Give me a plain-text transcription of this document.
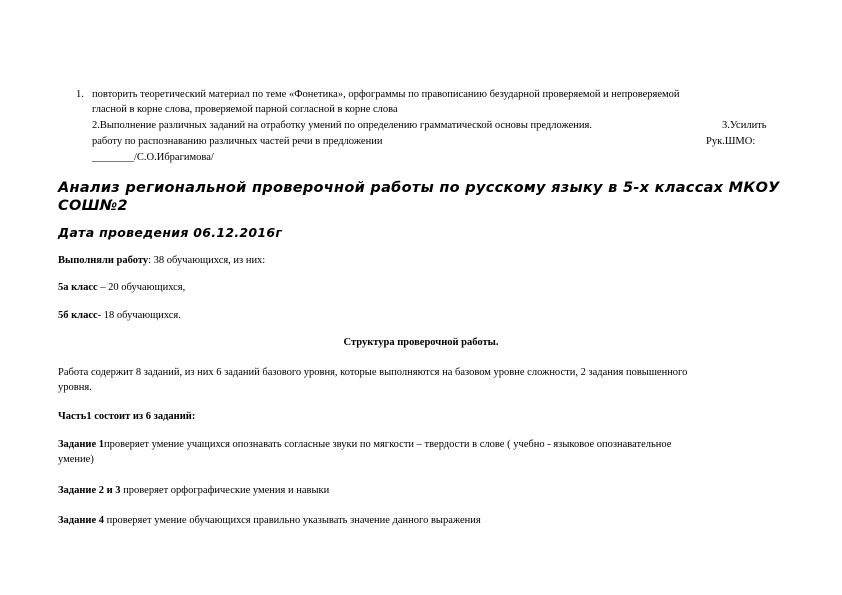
1. повторить теоретический материал по теме «Фонетика», орфограммы по правописанию безударной проверяемой и непроверяемой
гласной в корне слова, проверяемой парной согласной в корне слова
2.Выполнение различных заданий на отработку умений по определению грамматической основы предложения.	3.Усилить
работу по распознаванию различных частей речи в предложении	Рук.ШМО:
________/С.О.Ибрагимова/
Анализ региональной проверочной работы по русскому языку в 5-х классах МКОУ
СОШ№2
Дата проведения 06.12.2016г
Выполняли работу: 38 обучающихся, из них:
5а класс – 20 обучающихся,
5б класс- 18 обучающихся.
Структура проверочной работы.
Работа содержит 8 заданий, из них 6 заданий базового уровня, которые выполняются на базовом уровне сложности, 2 задания повышенного
уровня.
Часть1 состоит из 6 заданий:
Задание 1проверяет умение учащихся опознавать согласные звуки по мягкости – твердости в слове ( учебно - языковое опознавательное
умение)
Задание 2 и 3 проверяет орфографические умения и навыки
Задание 4 проверяет умение обучающихся правильно указывать значение данного выражения
